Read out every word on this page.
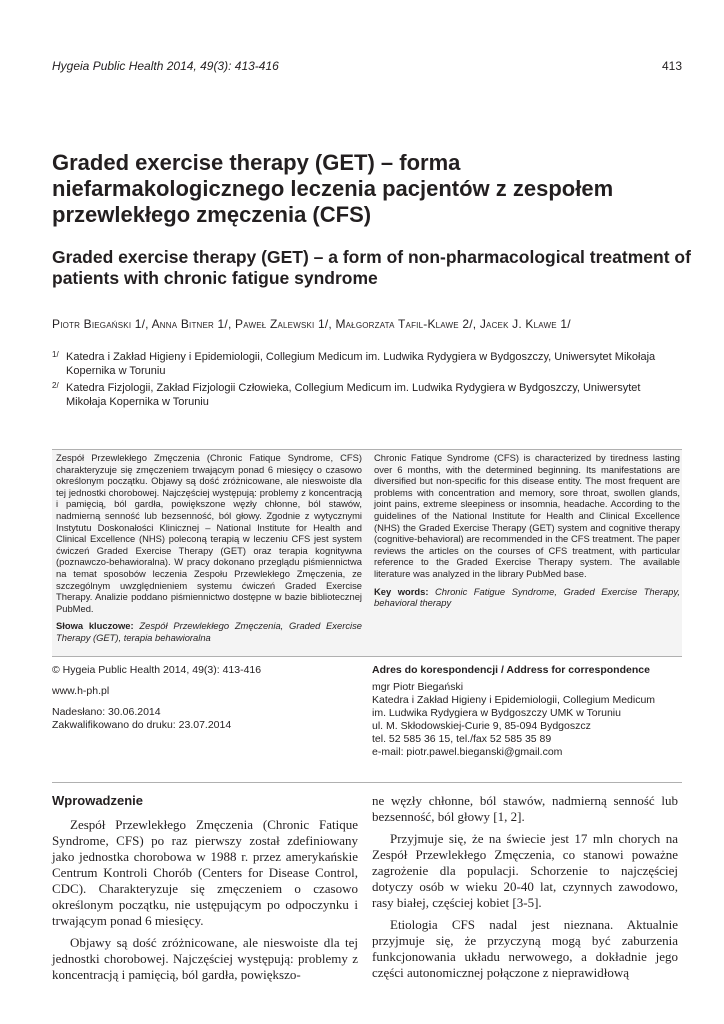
Hygeia Public Health 2014, 49(3): 413-416	413
Graded exercise therapy (GET) – forma niefarmakologicznego leczenia pacjentów z zespołem przewlekłego zmęczenia (CFS)
Graded exercise therapy (GET) – a form of non-pharmacological treatment of patients with chronic fatigue syndrome
Piotr Biegański 1/, Anna Bitner 1/, Paweł Zalewski 1/, Małgorzata Tafil-Klawe 2/, Jacek J. Klawe 1/
1/ Katedra i Zakład Higieny i Epidemiologii, Collegium Medicum im. Ludwika Rydygiera w Bydgoszczy, Uniwersytet Mikołaja Kopernika w Toruniu
2/ Katedra Fizjologii, Zakład Fizjologii Człowieka, Collegium Medicum im. Ludwika Rydygiera w Bydgoszczy, Uniwersytet Mikołaja Kopernika w Toruniu

Zespół Przewlekłego Zmęczenia (Chronic Fatique Syndrome, CFS) charakteryzuje się zmęczeniem trwającym ponad 6 miesięcy o czasowo określonym początku. Objawy są dość zróżnicowane, ale nieswoiste dla tej jednostki chorobowej. Najczęściej występują: problemy z koncentracją i pamięcią, ból gardła, powiększone węzły chłonne, ból stawów, nadmierną senność lub bezsenność, ból głowy. Zgodnie z wytycznymi Instytutu Doskonałości Klinicznej – National Institute for Health and Clinical Excellence (NHS) poleconą terapią w leczeniu CFS jest system ćwiczeń Graded Exercise Therapy (GET) oraz terapia kognitywna (poznawczo-behawioralna). W pracy dokonano przeglądu piśmiennictwa na temat sposobów leczenia Zespołu Przewlekłego Zmęczenia, ze szczególnym uwzględnieniem systemu ćwiczeń Graded Exercise Therapy. Analizie poddano piśmiennictwo dostępne w bazie bibliotecznej PubMed.

Słowa kluczowe: Zespół Przewlekłego Zmęczenia, Graded Exercise Therapy (GET), terapia behawioralna

Chronic Fatique Syndrome (CFS) is characterized by tiredness lasting over 6 months, with the determined beginning. Its manifestations are diversified but non-specific for this disease entity. The most frequent are problems with concentration and memory, sore throat, swollen glands, joint pains, extreme sleepiness or insomnia, headache. According to the guidelines of the National Institute for Health and Clinical Excellence (NHS) the Graded Exercise Therapy (GET) system and cognitive therapy (cognitive-behavioral) are recommended in the CFS treatment. The paper reviews the articles on the courses of CFS treatment, with particular reference to the Graded Exercise Therapy system. The available literature was analyzed in the library PubMed base.

Key words: Chronic Fatigue Syndrome, Graded Exercise Therapy, behavioral therapy

© Hygeia Public Health 2014, 49(3): 413-416

www.h-ph.pl

Nadesłano: 30.06.2014

Zakwalifikowano do druku: 23.07.2014

Adres do korespondencji / Address for correspondence
mgr Piotr Biegański
Katedra i Zakład Higieny i Epidemiologii, Collegium Medicum
im. Ludwika Rydygiera w Bydgoszczy UMK w Toruniu
ul. M. Skłodowskiej-Curie 9, 85-094 Bydgoszcz
tel. 52 585 36 15, tel./fax 52 585 35 89
e-mail: piotr.pawel.bieganski@gmail.com
Wprowadzenie

Zespół Przewlekłego Zmęczenia (Chronic Fatique Syndrome, CFS) po raz pierwszy został zdefiniowany jako jednostka chorobowa w 1988 r. przez amerykańskie Centrum Kontroli Chorób (Centers for Disease Control, CDC). Charakteryzuje się zmęczeniem o czasowo określonym początku, nie ustępującym po odpoczynku i trwającym ponad 6 miesięcy.

Objawy są dość zróżnicowane, ale nieswoiste dla tej jednostki chorobowej. Najczęściej występują: problemy z koncentracją i pamięcią, ból gardła, powiększo-

ne węzły chłonne, ból stawów, nadmierną senność lub bezsenność, ból głowy [1, 2].

Przyjmuje się, że na świecie jest 17 mln chorych na Zespół Przewlekłego Zmęczenia, co stanowi poważne zagrożenie dla populacji. Schorzenie to najczęściej dotyczy osób w wieku 20-40 lat, czynnych zawodowo, rasy białej, częściej kobiet [3-5].

Etiologia CFS nadal jest nieznana. Aktualnie przyjmuje się, że przyczyną mogą być zaburzenia funkcjonowania układu nerwowego, a dokładnie jego części autonomicznej połączone z nieprawidłową
